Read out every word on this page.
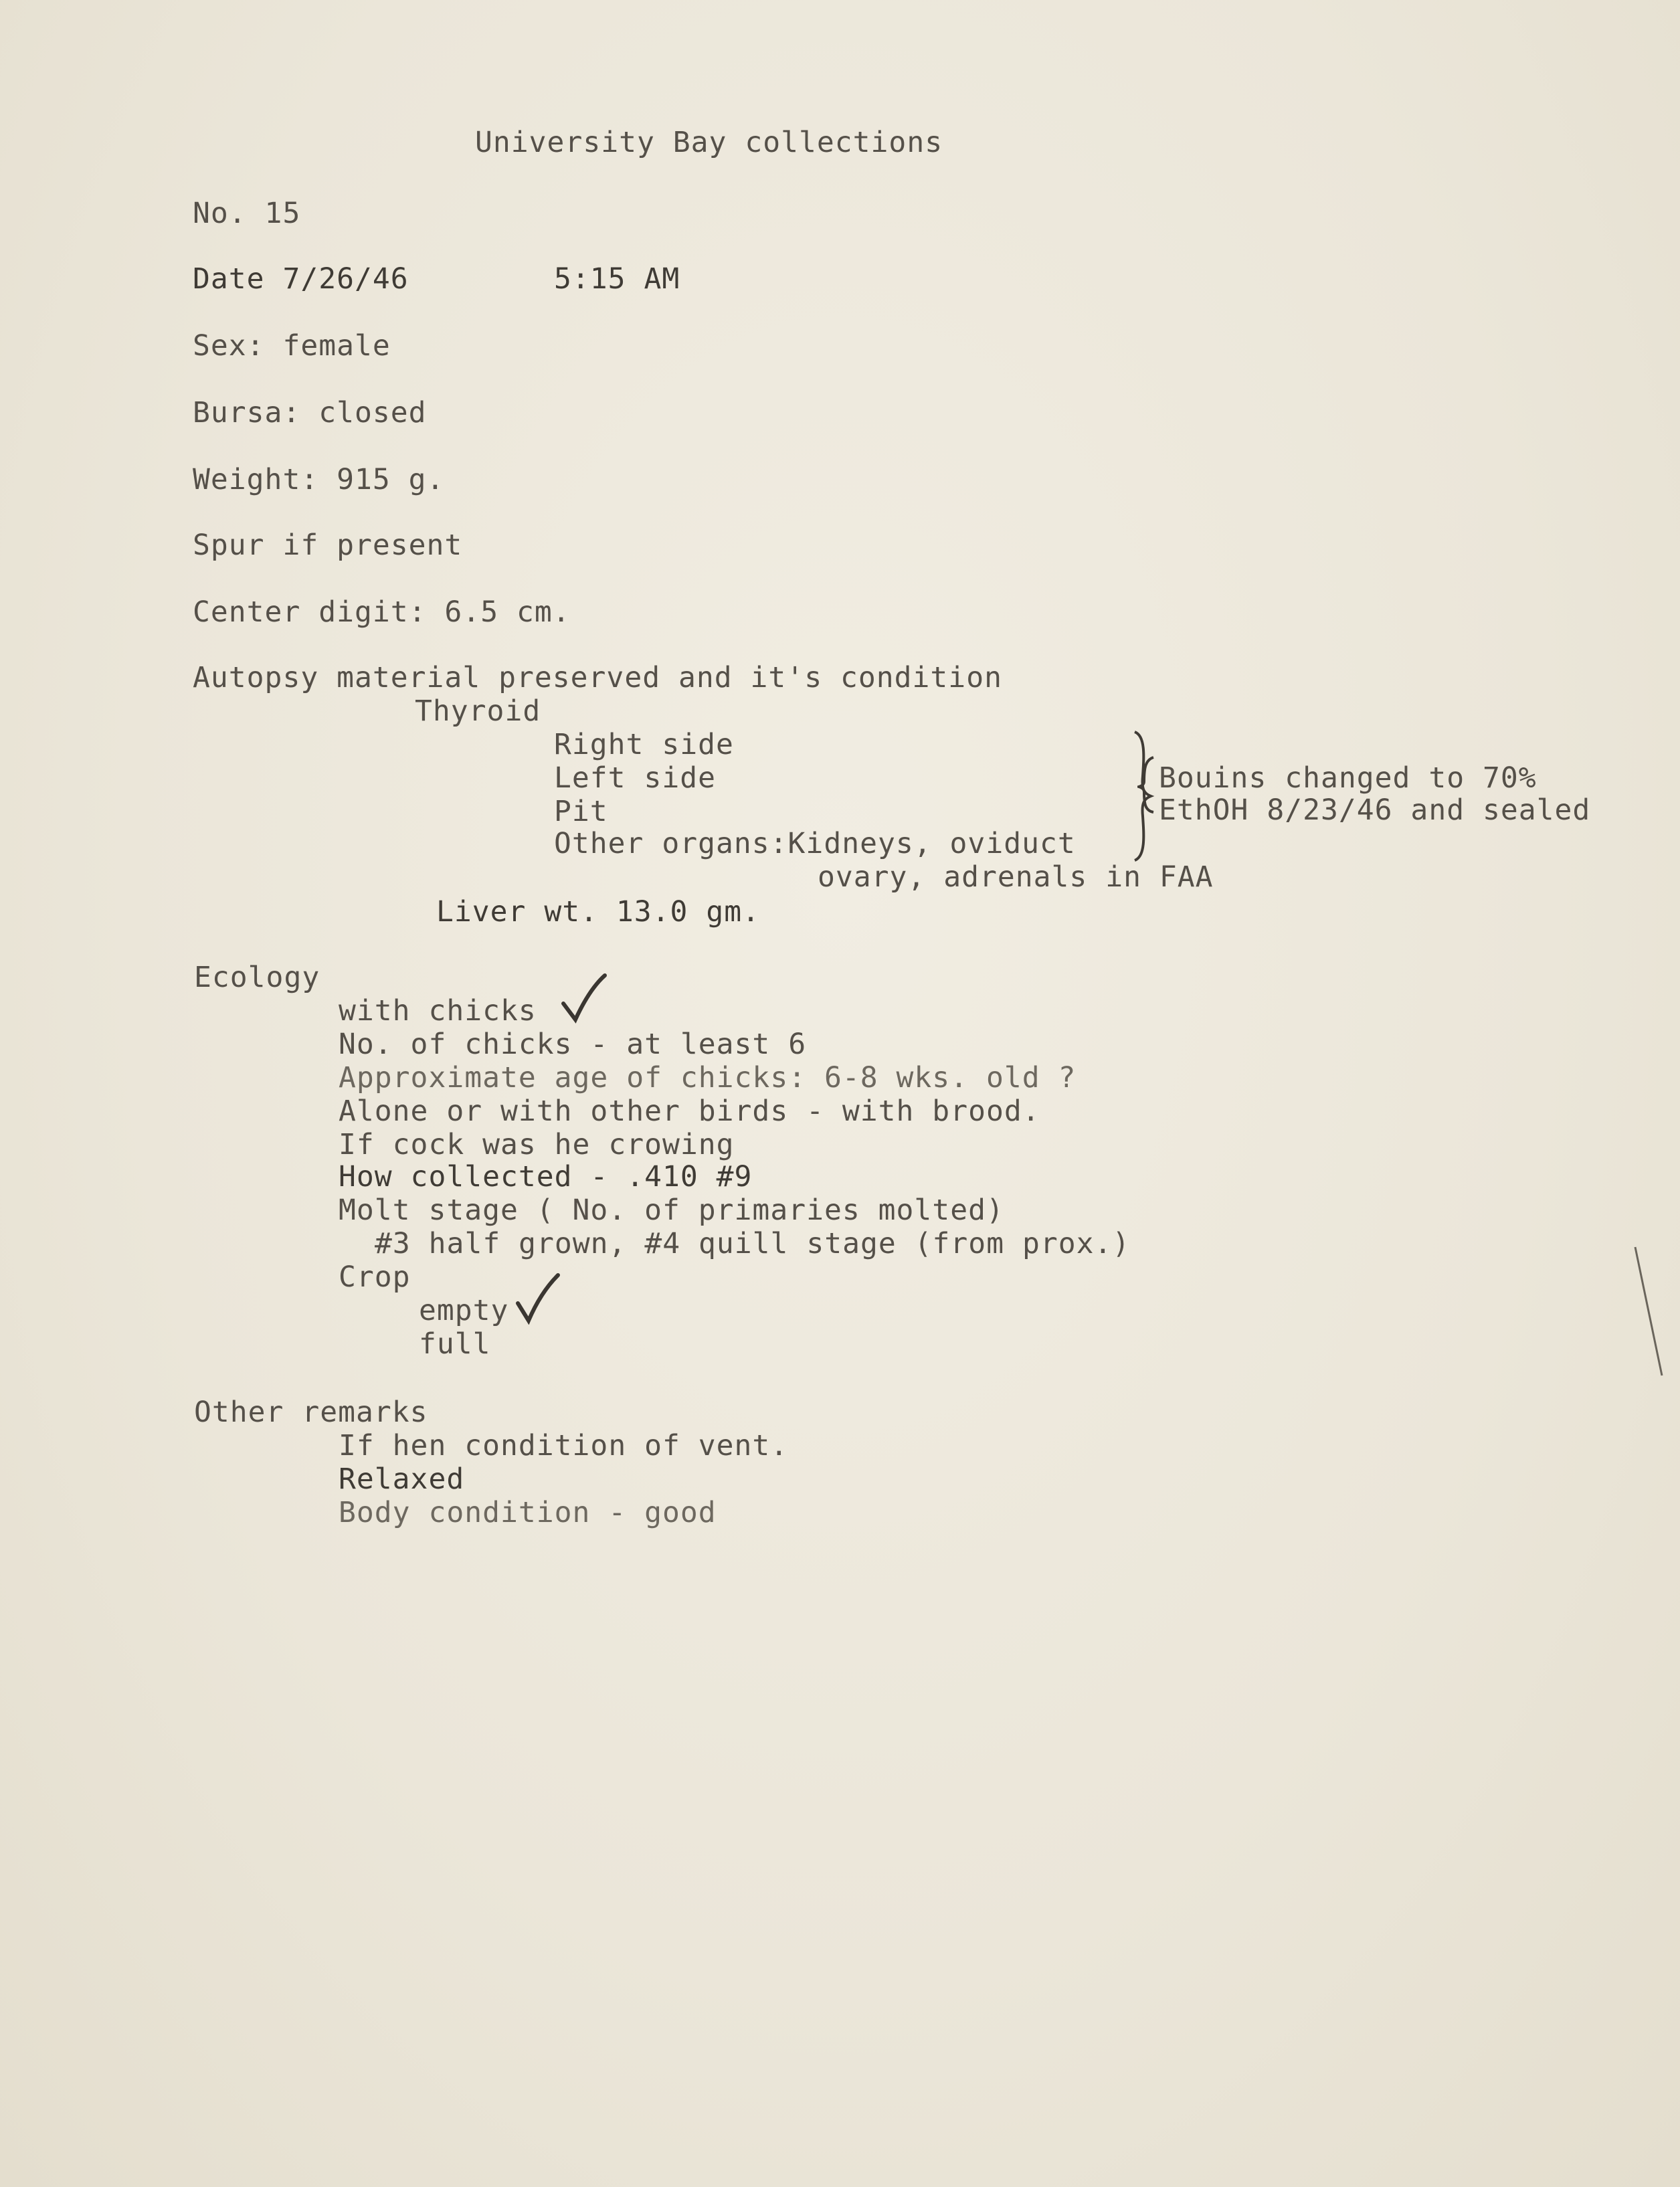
University Bay collections
No. 15
Date 7/26/46	5:15 AM
Sex: female
Bursa: closed
Weight: 915 g.
Spur if present
Center digit: 6.5 cm.
Autopsy material preserved and it's condition
Thyroid
Right side
Left side
Pit
Other organs:Kidneys, oviduct
ovary, adrenals in FAA
Bouins changed to 70%
EthOH 8/23/46 and sealed
Liver wt. 13.0 gm.
Ecology
with chicks
No. of chicks - at least 6
Approximate age of chicks: 6-8 wks. old ?
Alone or with other birds - with brood.
If cock was he crowing
How collected - .410 #9
Molt stage ( No. of primaries molted)
#3 half grown, #4 quill stage (from prox.)
Crop
empty
full
Other remarks
If hen condition of vent.
Relaxed
Body condition - good
